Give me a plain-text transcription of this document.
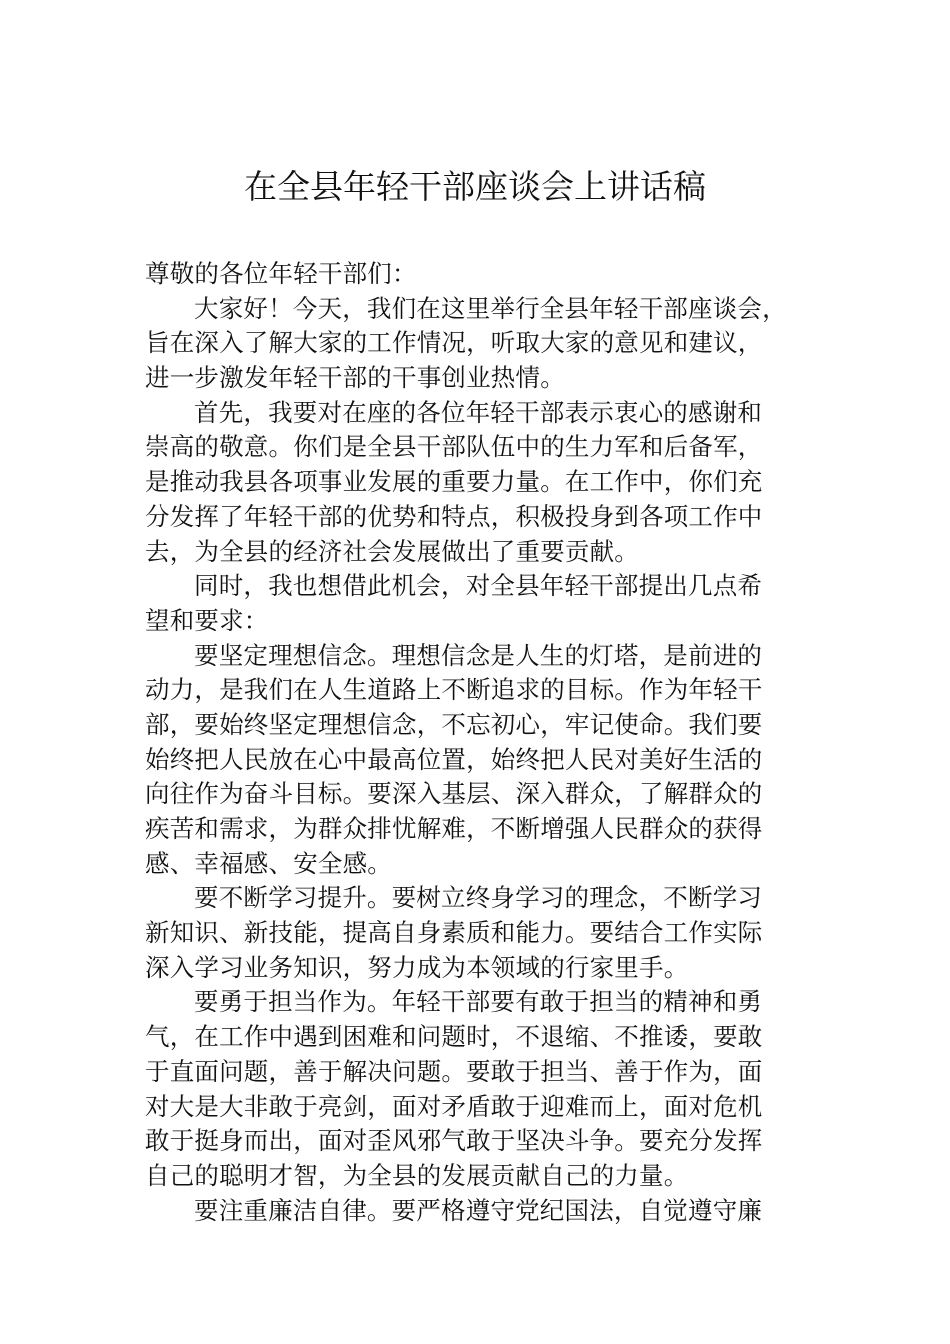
在全县年轻干部座谈会上讲话稿
尊敬的各位年轻干部们：
大家好！今天，我们在这里举行全县年轻干部座谈会，
旨在深入了解大家的工作情况，听取大家的意见和建议，
进一步激发年轻干部的干事创业热情。
首先，我要对在座的各位年轻干部表示衷心的感谢和
崇高的敬意。你们是全县干部队伍中的生力军和后备军，
是推动我县各项事业发展的重要力量。在工作中，你们充
分发挥了年轻干部的优势和特点，积极投身到各项工作中
去，为全县的经济社会发展做出了重要贡献。
同时，我也想借此机会，对全县年轻干部提出几点希
望和要求：
要坚定理想信念。理想信念是人生的灯塔，是前进的
动力，是我们在人生道路上不断追求的目标。作为年轻干
部，要始终坚定理想信念，不忘初心，牢记使命。我们要
始终把人民放在心中最高位置，始终把人民对美好生活的
向往作为奋斗目标。要深入基层、深入群众，了解群众的
疾苦和需求，为群众排忧解难，不断增强人民群众的获得
感、幸福感、安全感。
要不断学习提升。要树立终身学习的理念，不断学习
新知识、新技能，提高自身素质和能力。要结合工作实际
深入学习业务知识，努力成为本领域的行家里手。
要勇于担当作为。年轻干部要有敢于担当的精神和勇
气，在工作中遇到困难和问题时，不退缩、不推诿，要敢
于直面问题，善于解决问题。要敢于担当、善于作为，面
对大是大非敢于亮剑，面对矛盾敢于迎难而上，面对危机
敢于挺身而出，面对歪风邪气敢于坚决斗争。要充分发挥
自己的聪明才智，为全县的发展贡献自己的力量。
要注重廉洁自律。要严格遵守党纪国法，自觉遵守廉
